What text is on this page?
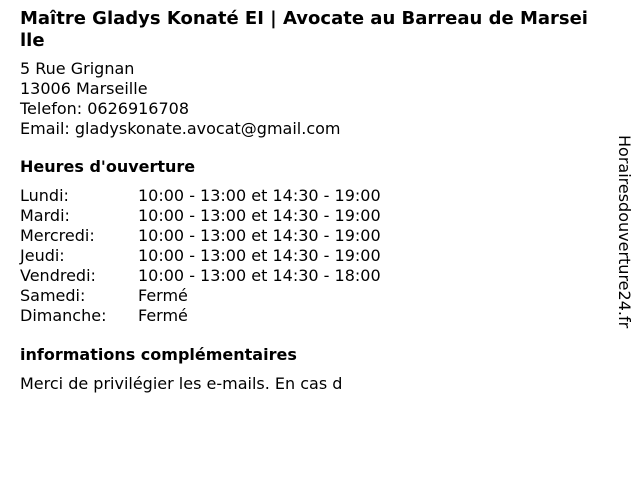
Maître Gladys Konaté EI | Avocate au Barreau de Marseille
5 Rue Grignan
13006 Marseille
Telefon: 0626916708
Email: gladyskonate.avocat@gmail.com
Heures d'ouverture
Lundi:	10:00 - 13:00 et 14:30 - 19:00
Mardi:	10:00 - 13:00 et 14:30 - 19:00
Mercredi:	10:00 - 13:00 et 14:30 - 19:00
Jeudi:	10:00 - 13:00 et 14:30 - 19:00
Vendredi:	10:00 - 13:00 et 14:30 - 18:00
Samedi:	Fermé
Dimanche:	Fermé
informations complémentaires
Merci de privilégier les e-mails. En cas d
Horairesdouverture24.fr
